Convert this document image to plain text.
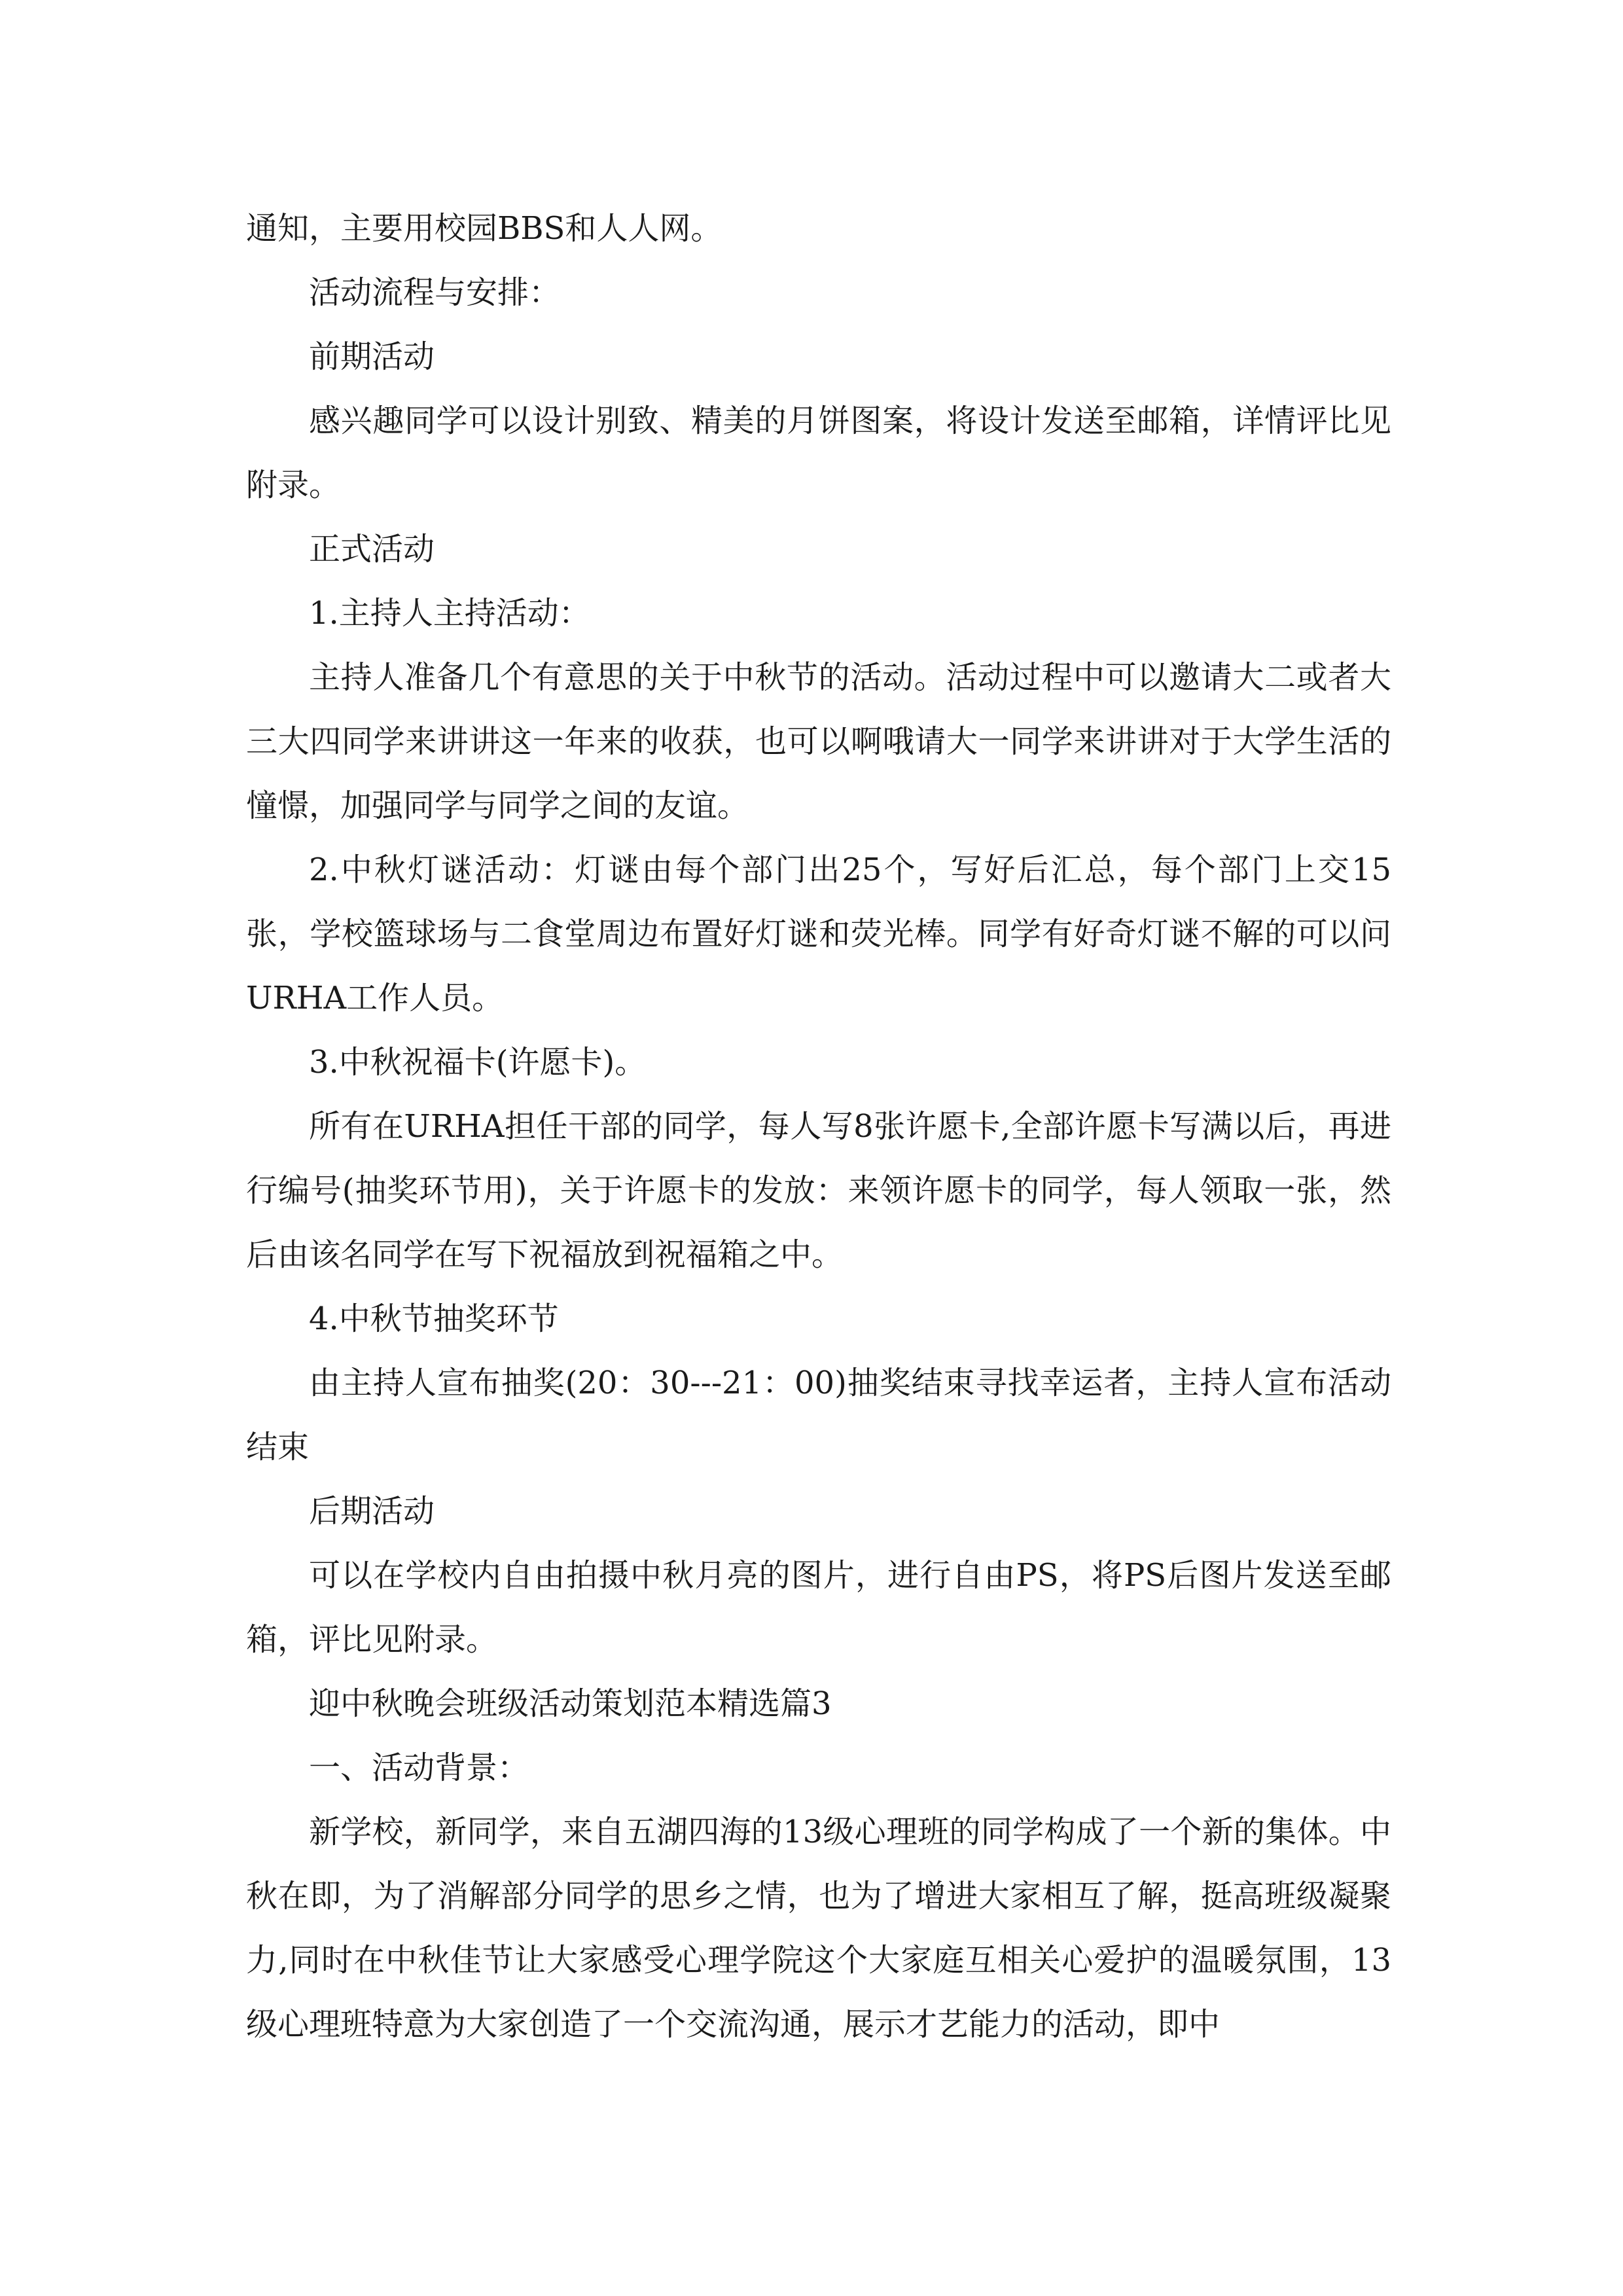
通知，主要用校园BBS和人人网。

活动流程与安排：

前期活动

感兴趣同学可以设计别致、精美的月饼图案，将设计发送至邮箱，详情评比见附录。

正式活动

1.主持人主持活动：

主持人准备几个有意思的关于中秋节的活动。活动过程中可以邀请大二或者大三大四同学来讲讲这一年来的收获，也可以啊哦请大一同学来讲讲对于大学生活的憧憬，加强同学与同学之间的友谊。

2.中秋灯谜活动：灯谜由每个部门出25个，写好后汇总，每个部门上交15张，学校篮球场与二食堂周边布置好灯谜和荧光棒。同学有好奇灯谜不解的可以问URHA工作人员。

3.中秋祝福卡(许愿卡)。

所有在URHA担任干部的同学，每人写8张许愿卡,全部许愿卡写满以后，再进行编号(抽奖环节用)，关于许愿卡的发放：来领许愿卡的同学，每人领取一张，然后由该名同学在写下祝福放到祝福箱之中。

4.中秋节抽奖环节

由主持人宣布抽奖(20：30---21：00)抽奖结束寻找幸运者，主持人宣布活动结束

后期活动

可以在学校内自由拍摄中秋月亮的图片，进行自由PS，将PS后图片发送至邮箱，评比见附录。

迎中秋晚会班级活动策划范本精选篇3

一、活动背景：

新学校，新同学，来自五湖四海的13级心理班的同学构成了一个新的集体。中秋在即，为了消解部分同学的思乡之情，也为了增进大家相互了解，挺高班级凝聚力,同时在中秋佳节让大家感受心理学院这个大家庭互相关心爱护的温暖氛围，13级心理班特意为大家创造了一个交流沟通，展示才艺能力的活动，即中
